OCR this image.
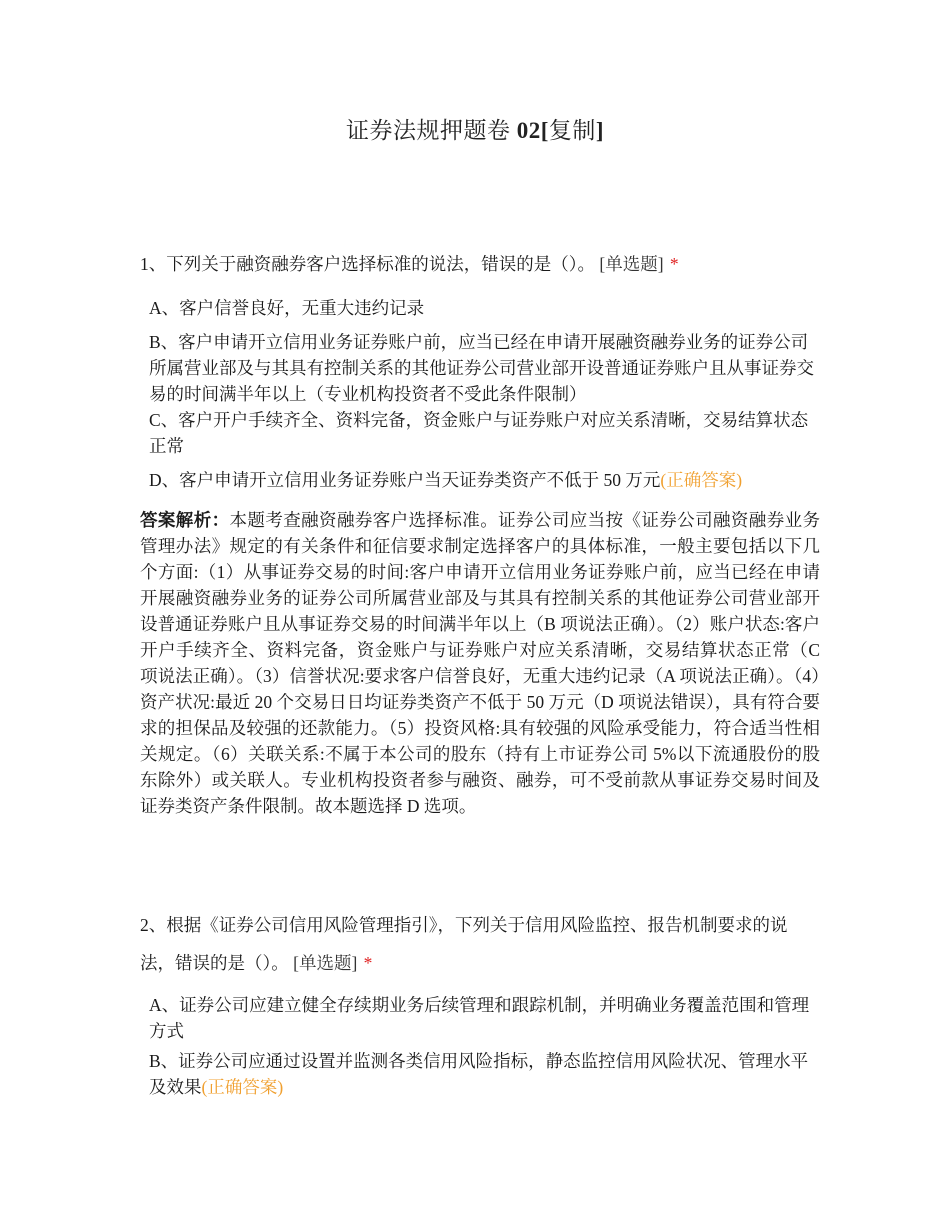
证券法规押题卷 02[复制]

1、下列关于融资融券客户选择标准的说法，错误的是（）。 [单选题] *

A、客户信誉良好，无重大违约记录

B、客户申请开立信用业务证券账户前，应当已经在申请开展融资融券业务的证券公司所属营业部及与其具有控制关系的其他证券公司营业部开设普通证券账户且从事证券交易的时间满半年以上（专业机构投资者不受此条件限制）

C、客户开户手续齐全、资料完备，资金账户与证券账户对应关系清晰，交易结算状态正常

D、客户申请开立信用业务证券账户当天证券类资产不低于 50 万元(正确答案)

答案解析：本题考查融资融券客户选择标准。证券公司应当按《证券公司融资融券业务管理办法》规定的有关条件和征信要求制定选择客户的具体标准，一般主要包括以下几个方面:（1）从事证券交易的时间:客户申请开立信用业务证券账户前，应当已经在申请开展融资融券业务的证券公司所属营业部及与其具有控制关系的其他证券公司营业部开设普通证券账户且从事证券交易的时间满半年以上（B 项说法正确）。（2）账户状态:客户开户手续齐全、资料完备，资金账户与证券账户对应关系清晰，交易结算状态正常（C 项说法正确）。（3）信誉状况:要求客户信誉良好，无重大违约记录（A 项说法正确）。（4）资产状况:最近 20 个交易日日均证券类资产不低于 50 万元（D 项说法错误），具有符合要求的担保品及较强的还款能力。（5）投资风格:具有较强的风险承受能力，符合适当性相关规定。（6）关联关系:不属于本公司的股东（持有上市证券公司 5%以下流通股份的股东除外）或关联人。专业机构投资者参与融资、融券，可不受前款从事证券交易时间及证券类资产条件限制。故本题选择 D 选项。

2、根据《证券公司信用风险管理指引》，下列关于信用风险监控、报告机制要求的说法，错误的是（）。 [单选题] *

A、证券公司应建立健全存续期业务后续管理和跟踪机制，并明确业务覆盖范围和管理方式

B、证券公司应通过设置并监测各类信用风险指标，静态监控信用风险状况、管理水平及效果(正确答案)
